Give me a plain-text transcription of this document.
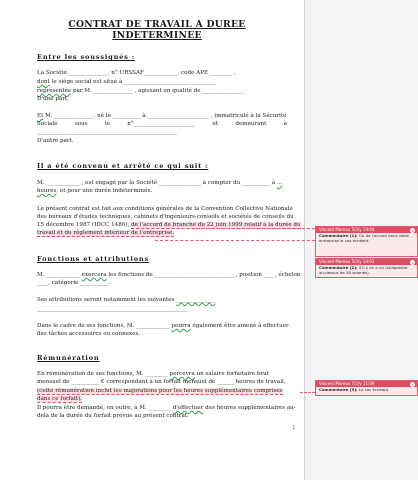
CONTRAT DE TRAVAIL A DUREE INDETERMINEE
Entre les soussignés :
La Société ______________, n° URSSAF____________, code APE ________ ,
dont le siège social est situé à _________________________________
représentée par M. ______________ , agissant en qualité de _______________
D'une part,
Et M. ______________, né le __________ à ______________________ , immatriculé à la Sécurité
Sociale sous le n°______________________ et demeurant à
__________________________________________________
D'autre part.
Il a été convenu et arrêté ce qui suit :
M. ____________ , est engagé par la Société _______________ à compter du __________ à …
heures, et pour une durée indéterminée.
Le présent contrat est fait aux conditions générales de la Convention Collective Nationale
des bureaux d'études techniques, cabinets d'ingénieurs-conseils et sociétés de conseils du
15 décembre 1987 (IDCC 1486), de l'accord de branche du 22 juin 1999 relatif à la durée du
travail et du règlement intérieur de l'entreprise.
Fonctions et attributions
M. ____________ exercera les fonctions de _____________________________, position ____, échelon
____, catégorie __________.
Ses attributions seront notamment les suivantes ______________
______________________________________________________
Dans le cadre de ses fonctions, M. ____________ pourra également être amené à effectuer
des tâches accessoires ou connexes.
Rémunération
En rémunération de ses fonctions, M. ________ percevra un salaire forfaitaire brut
mensuel de __________ € correspondant à un forfait mensuel de ______ heures de travail,
(cette rémunération inclut les majorations pour les heures supplémentaires comprises
dans ce forfait).
Il pourra être demandé, en outre, à M. ________ d'effectuer des heures supplémentaires au-
delà de la durée du forfait prévue au présent contrat.
1
Vincent Moreau 5/2/y 14:04	×
Commentaire [1]: Ou de l'accord dans votre entreprise le cas échéant.
Vincent Moreau 5/2/y 14:03	×
Commentaire [2]: S'il y en a un (obligatoire au-dessus de 50 salariés).
Vincent Moreau 7/2/y 11:09	×
Commentaire [3]: Le cas échéant
